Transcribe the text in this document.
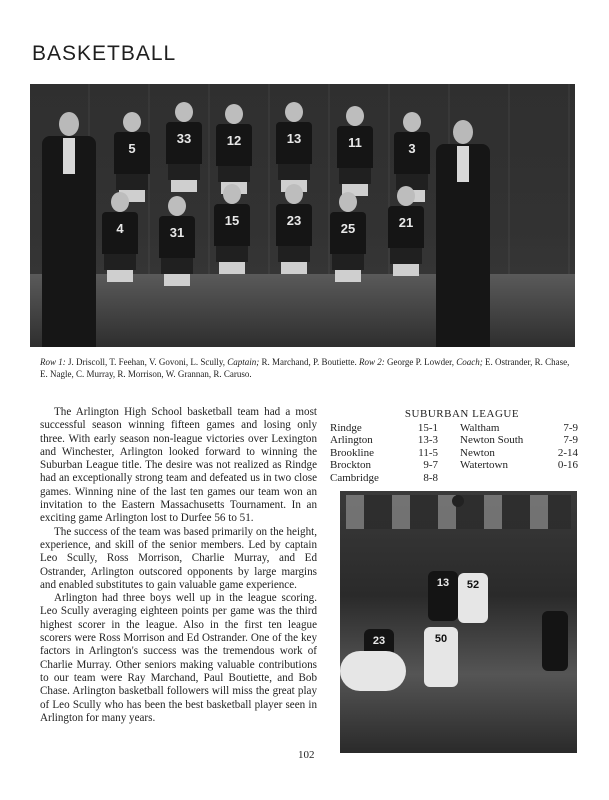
BASKETBALL
5
33	12	13	11	3
4	31
15	23
25	21
Row 1: J. Driscoll, T. Feehan, V. Govoni, L. Scully, Captain; R. Marchand, P. Boutiette. Row 2: George P. Lowder, Coach; E. Ostrander, R. Chase, E. Nagle, C. Murray, R. Morrison, W. Grannan, R. Caruso.

The Arlington High School basketball team had a most successful season winning fifteen games and losing only three. With early season non-league victories over Lexington and Winchester, Arlington looked forward to winning the Suburban League title. The desire was not realized as Rindge had an exceptionally strong team and defeated us in two close games. Winning nine of the last ten games our team won an invitation to the Eastern Massachusetts Tournament. In an exciting game Arlington lost to Durfee 56 to 51.

The success of the team was based primarily on the height, experience, and skill of the senior members. Led by captain Leo Scully, Ross Morrison, Charlie Murray, and Ed Ostrander, Arlington outscored opponents by large margins and enabled substitutes to gain valuable game experience.

Arlington had three boys well up in the league scoring. Leo Scully averaging eighteen points per game was the third highest scorer in the league. Also in the first ten league scorers were Ross Morrison and Ed Ostrander. One of the key factors in Arlington's success was the tremendous work of Charlie Murray. Other seniors making valuable contributions to our team were Ray Marchand, Paul Boutiette, and Bob Chase. Arlington basketball followers will miss the great play of Leo Scully who has been the best basketball player seen in Arlington for many years.

SUBURBAN LEAGUE
Rindge	15-1	Waltham	7-9
Arlington	13-3	Newton South	7-9
Brookline	11-5	Newton	2-14
Brockton	9-7	Watertown	0-16
Cambridge	8-8		
13	52
23	50
102
